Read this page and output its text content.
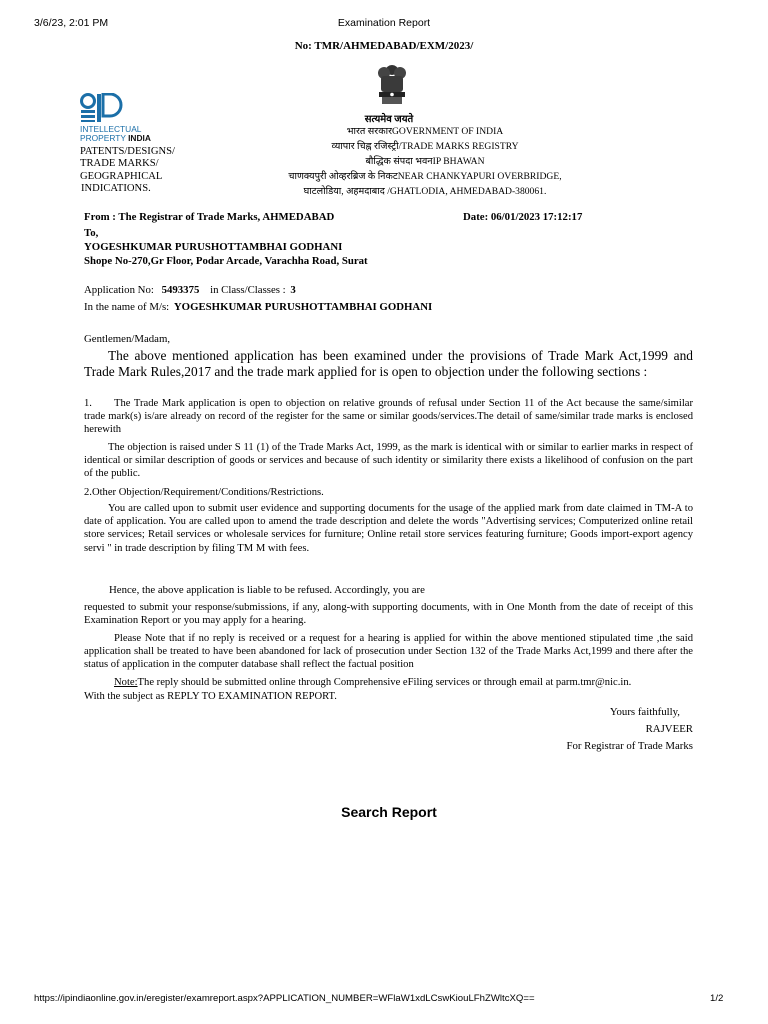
3/6/23, 2:01 PM	Examination Report
No: TMR/AHMEDABAD/EXM/2023/
INTELLECTUAL
PROPERTY INDIA
PATENTS/DESIGNS/
TRADE MARKS/
GEOGRAPHICAL
INDICATIONS.
सत्यमेव जयते
भारत सरकारGOVERNMENT OF INDIA
व्यापार चिह्न रजिस्ट्री/TRADE MARKS REGISTRY
बौद्धिक संपदा भवनIP BHAWAN
चाणक्यपुरी ओव्हरब्रिज के निकटNEAR CHANKYAPURI OVERBRIDGE,
घाटलोडिया, अहमदाबाद /GHATLODIA, AHMEDABAD-380061.
From : The Registrar of Trade Marks, AHMEDABAD	Date: 06/01/2023 17:12:17
To,
YOGESHKUMAR PURUSHOTTAMBHAI GODHANI
Shope No-270,Gr Floor, Podar Arcade, Varachha Road, Surat
Application No: 5493375 in Class/Classes : 3
In the name of M/s: YOGESHKUMAR PURUSHOTTAMBHAI GODHANI
Gentlemen/Madam,
The above mentioned application has been examined under the provisions of Trade Mark Act,1999 and Trade Mark Rules,2017 and the trade mark applied for is open to objection under the following sections :
1. The Trade Mark application is open to objection on relative grounds of refusal under Section 11 of the Act because the same/similar trade mark(s) is/are already on record of the register for the same or similar goods/services.The detail of same/similar trade marks is enclosed herewith
The objection is raised under S 11 (1) of the Trade Marks Act, 1999, as the mark is identical with or similar to earlier marks in respect of identical or similar description of goods or services and because of such identity or similarity there exists a likelihood of confusion on the part of the public.
2.Other Objection/Requirement/Conditions/Restrictions.
You are called upon to submit user evidence and supporting documents for the usage of the applied mark from date claimed in TM-A to date of application. You are called upon to amend the trade description and delete the words "Advertising services; Computerized online retail store services; Retail services or wholesale services for furniture; Online retail store services featuring furniture; Goods import-export agency servi " in trade description by filing TM M with fees.
Hence, the above application is liable to be refused. Accordingly, you are
requested to submit your response/submissions, if any, along-with supporting documents, with in One Month from the date of receipt of this Examination Report or you may apply for a hearing.
Please Note that if no reply is received or a request for a hearing is applied for within the above mentioned stipulated time ,the said application shall be treated to have been abandoned for lack of prosecution under Section 132 of the Trade Marks Act,1999 and there after the status of application in the computer database shall reflect the factual position
Note:The reply should be submitted online through Comprehensive eFiling services or through email at parm.tmr@nic.in.
With the subject as REPLY TO EXAMINATION REPORT.
Yours faithfully,
RAJVEER
For Registrar of Trade Marks
Search Report
https://ipindiaonline.gov.in/eregister/examreport.aspx?APPLICATION_NUMBER=WFlaW1xdLCswKiouLFhZWltcXQ==	1/2
